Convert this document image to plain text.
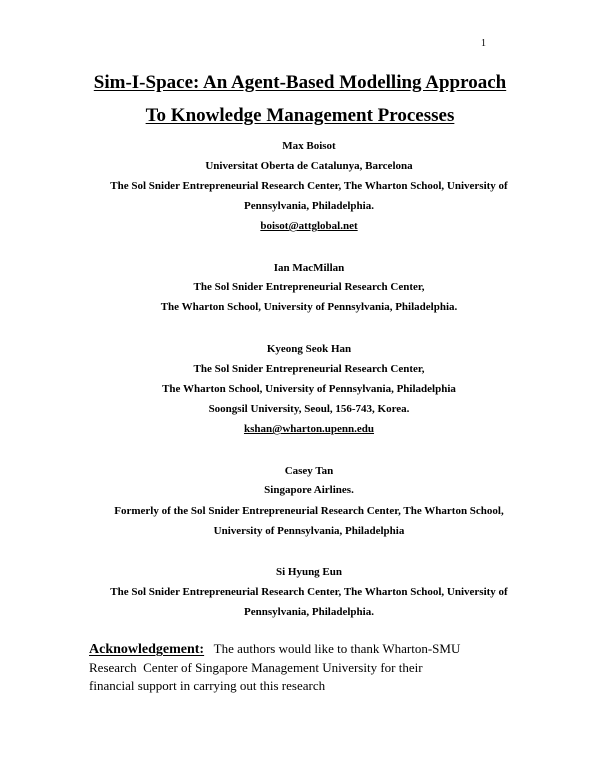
1
Sim-I-Space: An Agent-Based Modelling Approach
To Knowledge Management Processes
Max Boisot
Universitat Oberta de Catalunya, Barcelona
The Sol Snider Entrepreneurial Research Center, The Wharton School, University of
Pennsylvania, Philadelphia.
boisot@attglobal.net
Ian MacMillan
The Sol Snider Entrepreneurial Research Center,
The Wharton School, University of Pennsylvania, Philadelphia.
Kyeong Seok Han
The Sol Snider Entrepreneurial Research Center,
The Wharton School, University of Pennsylvania, Philadelphia
Soongsil University, Seoul, 156-743, Korea.
kshan@wharton.upenn.edu
Casey Tan
Singapore Airlines.
Formerly of the Sol Snider Entrepreneurial Research Center, The Wharton School,
University of Pennsylvania, Philadelphia
Si Hyung Eun
The Sol Snider Entrepreneurial Research Center, The Wharton School, University of
Pennsylvania, Philadelphia.
Acknowledgement: The authors would like to thank Wharton-SMU
Research  Center of Singapore Management University for their
financial support in carrying out this research
